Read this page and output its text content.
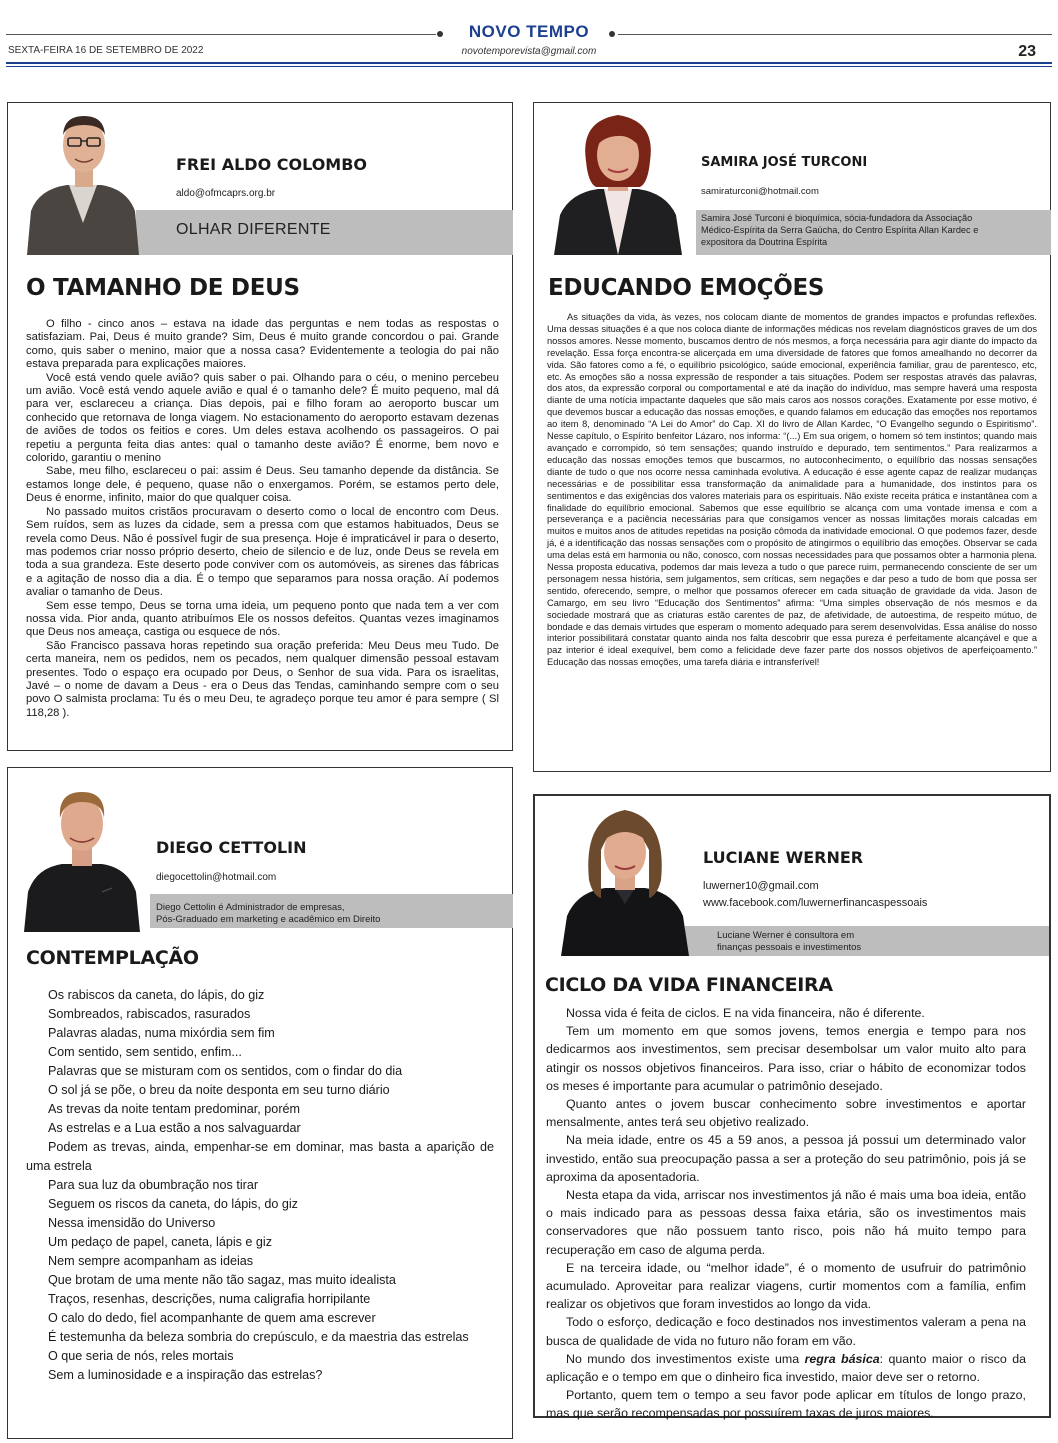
NOVO TEMPO
SEXTA-FEIRA 16 DE SETEMBRO DE 2022	novotemporevista@gmail.com	23
FREI ALDO COLOMBO
aldo@ofmcaprs.org.br
OLHAR DIFERENTE
O TAMANHO DE DEUS

O filho - cinco anos – estava na idade das perguntas e nem todas as respostas o satisfaziam. Pai, Deus é muito grande? Sim, Deus é muito grande concordou o pai. Grande como, quis saber o menino, maior que a nossa casa? Evidentemente a teologia do pai não estava preparada para explicações maiores.

Você está vendo quele avião? quis saber o pai. Olhando para o céu, o menino percebeu um avião. Você está vendo aquele avião e qual é o tamanho dele? É muito pequeno, mal dá para ver, esclareceu a criança. Dias depois, pai e filho foram ao aeroporto buscar um conhecido que retornava de longa viagem. No estacionamento do aeroporto estavam dezenas de aviões de todos os feitios e cores. Um deles estava acolhendo os passageiros. O pai repetiu a pergunta feita dias antes: qual o tamanho deste avião? É enorme, bem novo e colorido, garantiu o menino

Sabe, meu filho, esclareceu o pai: assim é Deus. Seu tamanho depende da distância. Se estamos longe dele, é pequeno, quase não o enxergamos. Porém, se estamos perto dele, Deus é enorme, infinito, maior do que qualquer coisa.

No passado muitos cristãos procuravam o deserto como o local de encontro com Deus. Sem ruídos, sem as luzes da cidade, sem a pressa com que estamos habituados, Deus se revela como Deus. Não é possível fugir de sua presença. Hoje é impraticável ir para o deserto, mas podemos criar nosso próprio deserto, cheio de silencio e de luz, onde Deus se revela em toda a sua grandeza. Este deserto pode conviver com os automóveis, as sirenes das fábricas e a agitação de nosso dia a dia. É o tempo que separamos para nossa oração. Aí podemos avaliar o tamanho de Deus.

Sem esse tempo, Deus se torna uma ideia, um pequeno ponto que nada tem a ver com nossa vida. Pior anda, quanto atribuímos Ele os nossos defeitos. Quantas vezes imaginamos que Deus nos ameaça, castiga ou esquece de nós.

São Francisco passava horas repetindo sua oração preferida: Meu Deus meu Tudo. De certa maneira, nem os pedidos, nem os pecados, nem qualquer dimensão pessoal estavam presentes. Todo o espaço era ocupado por Deus, o Senhor de sua vida. Para os israelitas, Javé – o nome de davam a Deus - era o Deus das Tendas, caminhando sempre com o seu povo O salmista proclama: Tu és o meu Deu, te agradeço porque teu amor é para sempre ( Sl 118,28 ).

SAMIRA JOSÉ TURCONI
samiraturconi@hotmail.com
Samira José Turconi é bioquímica, sócia-fundadora da Associação Médico-Espírita da Serra Gaúcha, do Centro Espírita Allan Kardec e expositora da Doutrina Espírita
EDUCANDO EMOÇÕES

As situações da vida, às vezes, nos colocam diante de momentos de grandes impactos e profundas reflexões. Uma dessas situações é a que nos coloca diante de informações médicas nos revelam diagnósticos graves de um dos nossos amores. Nesse momento, buscamos dentro de nós mesmos, a força necessária para agir diante do impacto da revelação. Essa força encontra-se alicerçada em uma diversidade de fatores que fomos amealhando no decorrer da vida. São fatores como a fé, o equilíbrio psicológico, saúde emocional, experiência familiar, grau de parentesco, etc, etc. As emoções são a nossa expressão de responder a tais situações. Podem ser respostas através das palavras, dos atos, da expressão corporal ou comportamental e até da inação do indivíduo, mas sempre haverá uma resposta diante de uma notícia impactante daqueles que são mais caros aos nossos corações. Exatamente por esse motivo, é que devemos buscar a educação das nossas emoções, e quando falamos em educação das emoções nos reportamos ao item 8, denominado “A Lei do Amor” do Cap. XI do livro de Allan Kardec, “O Evangelho segundo o Espiritismo”. Nesse capítulo, o Espírito benfeitor Lázaro, nos informa: “(...) Em sua origem, o homem só tem instintos; quando mais avançado e corrompido, só tem sensações; quando instruído e depurado, tem sentimentos.” Para realizarmos a educação das nossas emoções temos que buscarmos, no autoconhecimento, o equilíbrio das nossas sensações diante de tudo o que nos ocorre nessa caminhada evolutiva. A educação é esse agente capaz de realizar mudanças necessárias e de possibilitar essa transformação da animalidade para a humanidade, dos instintos para os sentimentos e das exigências dos valores materiais para os espirituais. Não existe receita prática e instantânea com a finalidade do equilíbrio emocional. Sabemos que esse equilíbrio se alcança com uma vontade imensa e com a perseverança e a paciência necessárias para que consigamos vencer as nossas limitações morais calcadas em muitos e muitos anos de atitudes repetidas na posição cômoda da inatividade emocional. O que podemos fazer, desde já, é a identificação das nossas sensações com o propósito de atingirmos o equilíbrio das emoções. Observar se cada uma delas está em harmonia ou não, conosco, com nossas necessidades para que possamos obter a harmonia plena. Nessa proposta educativa, podemos dar mais leveza a tudo o que parece ruim, permanecendo consciente de ser um personagem nessa história, sem julgamentos, sem críticas, sem negações e dar peso a tudo de bom que possa ser sentido, oferecendo, sempre, o melhor que possamos oferecer em cada situação de gravidade da vida. Jason de Camargo, em seu livro “Educação dos Sentimentos” afirma: “Uma simples observação de nós mesmos e da sociedade mostrará que as criaturas estão carentes de paz, de afetividade, de autoestima, de respeito mútuo, de bondade e das demais virtudes que esperam o momento adequado para serem desenvolvidas. Essa análise do nosso interior possibilitará constatar quanto ainda nos falta descobrir que essa pureza é perfeitamente alcançável e que a paz interior é ideal exequível, bem como a felicidade deve fazer parte dos nossos objetivos de aperfeiçoamento.” Educação das nossas emoções, uma tarefa diária e intransferível!

DIEGO CETTOLIN
diegocettolin@hotmail.com
Diego Cettolin é Administrador de empresas,
Pós-Graduado em marketing e acadêmico em Direito
CONTEMPLAÇÃO

Os rabiscos da caneta, do lápis, do giz

Sombreados, rabiscados, rasurados

Palavras aladas, numa mixórdia sem fim

Com sentido, sem sentido, enfim...

Palavras que se misturam com os sentidos, com o findar do dia

O sol já se põe, o breu da noite desponta em seu turno diário

As trevas da noite tentam predominar, porém

As estrelas e a Lua estão a nos salvaguardar

Podem as trevas, ainda, empenhar-se em dominar, mas basta a aparição de uma estrela

Para sua luz da obumbração nos tirar

Seguem os riscos da caneta, do lápis, do giz

Nessa imensidão do Universo

Um pedaço de papel, caneta, lápis e giz

Nem sempre acompanham as ideias

Que brotam de uma mente não tão sagaz, mas muito idealista

Traços, resenhas, descrições, numa caligrafia horripilante

O calo do dedo, fiel acompanhante de quem ama escrever

É testemunha da beleza sombria do crepúsculo, e da maestria das estrelas

O que seria de nós, reles mortais

Sem a luminosidade e a inspiração das estrelas?

LUCIANE WERNER
luwerner10@gmail.com
www.facebook.com/luwernerfinancaspessoais
Luciane Werner é consultora em
finanças pessoais e investimentos
CICLO DA VIDA FINANCEIRA

Nossa vida é feita de ciclos. E na vida financeira, não é diferente.

Tem um momento em que somos jovens, temos energia e tempo para nos dedicarmos aos investimentos, sem precisar desembolsar um valor muito alto para atingir os nossos objetivos financeiros. Para isso, criar o hábito de economizar todos os meses é importante para acumular o patrimônio desejado.

Quanto antes o jovem buscar conhecimento sobre investimentos e aportar mensalmente, antes terá seu objetivo realizado.

Na meia idade, entre os 45 a 59 anos, a pessoa já possui um determinado valor investido, então sua preocupação passa a ser a proteção do seu patrimônio, pois já se aproxima da aposentadoria.

Nesta etapa da vida, arriscar nos investimentos já não é mais uma boa ideia, então o mais indicado para as pessoas dessa faixa etária, são os investimentos mais conservadores que não possuem tanto risco, pois não há muito tempo para recuperação em caso de alguma perda.

E na terceira idade, ou “melhor idade”, é o momento de usufruir do patrimônio acumulado. Aproveitar para realizar viagens, curtir momentos com a família, enfim realizar os objetivos que foram investidos ao longo da vida.

Todo o esforço, dedicação e foco destinados nos investimentos valeram a pena na busca de qualidade de vida no futuro não foram em vão.

No mundo dos investimentos existe uma regra básica: quanto maior o risco da aplicação e o tempo em que o dinheiro fica investido, maior deve ser o retorno.

Portanto, quem tem o tempo a seu favor pode aplicar em títulos de longo prazo, mas que serão recompensadas por possuírem taxas de juros maiores.
